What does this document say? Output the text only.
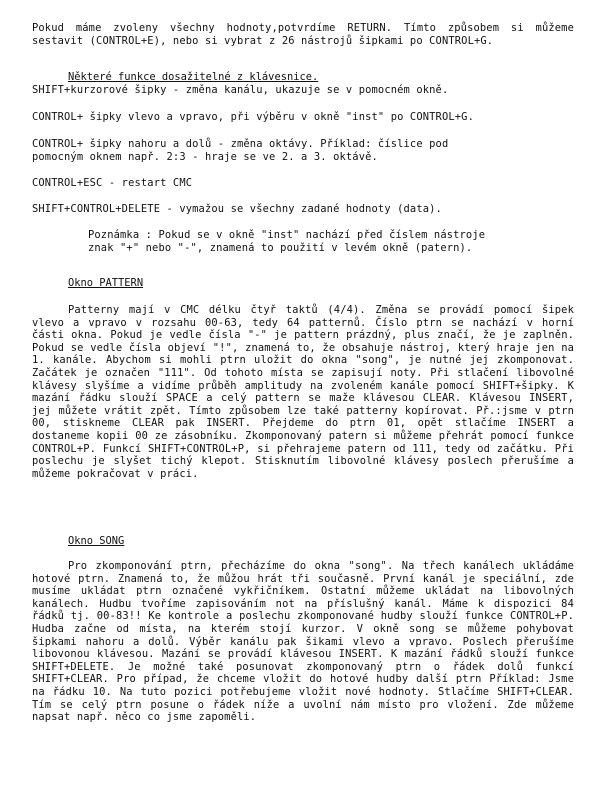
Pokud máme zvoleny všechny hodnoty,potvrdíme RETURN. Tímto způsobem si můžeme sestavit (CONTROL+E), nebo si vybrat z 26 nástrojů šipkami po CONTROL+G.

Některé funkce dosažitelné z klávesnice.

SHIFT+kurzorové šipky - změna kanálu, ukazuje se v pomocném okně.

CONTROL+ šipky vlevo a vpravo, při výběru v okně "inst" po CONTROL+G.

CONTROL+ šipky nahoru a dolů - změna oktávy. Příklad: číslice pod
pomocným oknem např. 2:3 - hraje se ve 2. a 3. oktávě.

CONTROL+ESC - restart CMC

SHIFT+CONTROL+DELETE - vymažou se všechny zadané hodnoty (data).

Poznámka : Pokud se v okně "inst" nachází před číslem nástroje
znak "+" nebo "-", znamená to použití v levém okně (patern).

Okno PATTERN

Patterny mají v CMC délku čtyř taktů (4/4). Změna se provádí pomocí šipek vlevo a vpravo v rozsahu 00-63, tedy 64 patternů. Číslo ptrn se nachází v horní části okna. Pokud je vedle čísla "-" je pattern prázdný, plus značí, že je zaplněn. Pokud se vedle čísla objeví "!", znamená to, že obsahuje nástroj, který hraje jen na 1. kanále. Abychom si mohli ptrn uložit do okna "song", je nutné jej zkomponovat. Začátek je označen "111". Od tohoto místa se zapisují noty. Při stlačení libovolné klávesy slyšíme a vidíme průběh amplitudy na zvoleném kanále pomocí SHIFT+šipky. K mazání řádku slouží SPACE a celý pattern se maže klávesou CLEAR. Klávesou INSERT, jej můžete vrátit zpět. Tímto způsobem lze také patterny kopírovat. Př.:jsme v ptrn 00, stiskneme CLEAR pak INSERT. Přejdeme do ptrn 01, opět stlačíme INSERT a dostaneme kopii 00 ze zásobníku. Zkomponovaný patern si můžeme přehrát pomocí funkce CONTROL+P. Funkcí SHIFT+CONTROL+P, si přehrajeme patern od 111, tedy od začátku. Při poslechu je slyšet tichý klepot. Stisknutím libovolné klávesy poslech přerušíme a můžeme pokračovat v práci.

Okno SONG

Pro zkomponování ptrn, přecházíme do okna "song". Na třech kanálech ukládáme hotové ptrn. Znamená to, že můžou hrát tři současně. První kanál je speciální, zde musíme ukládat ptrn označené vykřičníkem. Ostatní můžeme ukládat na libovolných kanálech. Hudbu tvoříme zapisováním not na příslušný kanál. Máme k dispozici 84 řádků tj. 00-83!! Ke kontrole a poslechu zkomponované hudby slouží funkce CONTROL+P. Hudba začne od místa, na kterém stojí kurzor. V okně song se můžeme pohybovat šipkami nahoru a dolů. Výběr kanálu pak šikami vlevo a vpravo. Poslech přerušíme libovonou klávesou. Mazání se provádí klávesou INSERT. K mazání řádků slouží funkce SHIFT+DELETE. Je možné také posunovat zkomponovaný ptrn o řádek dolů funkcí SHIFT+CLEAR. Pro případ, že chceme vložit do hotové hudby další ptrn Příklad: Jsme na řádku 10. Na tuto pozici potřebujeme vložit nové hodnoty. Stlačíme SHIFT+CLEAR. Tím se celý ptrn posune o řádek níže a uvolní nám místo pro vložení. Zde můžeme napsat např. něco co jsme zapoměli.
